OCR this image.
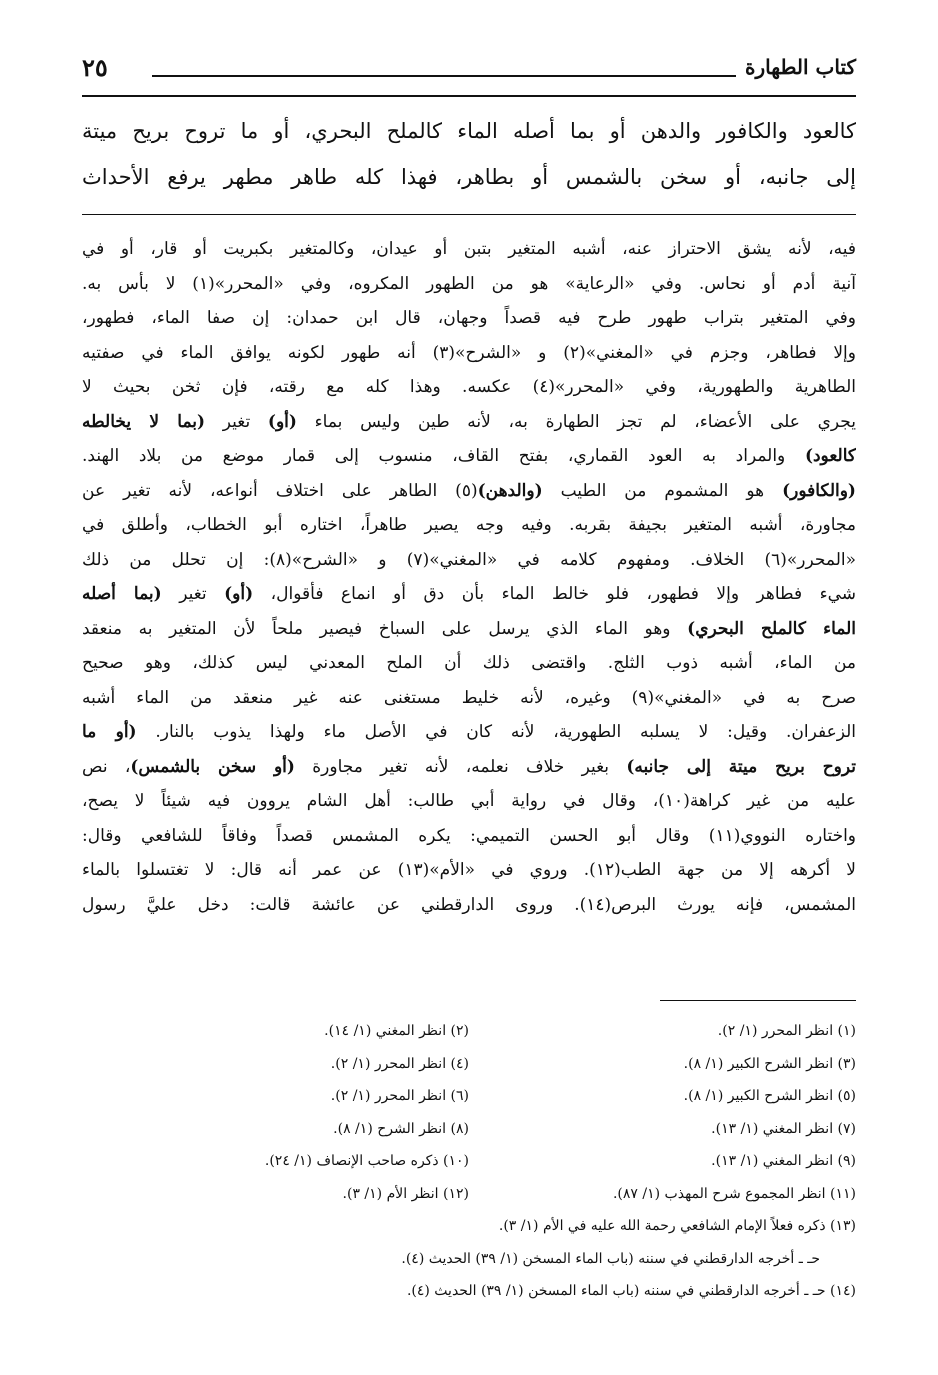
كتاب الطهارة
٢٥
كالعود والكافور والدهن أو بما أصله الماء كالملح البحري، أو ما تروح بريح ميتة
إلى جانبه، أو سخن بالشمس أو بطاهر، فهذا كله طاهر مطهر يرفع الأحداث
فيه، لأنه يشق الاحتراز عنه، أشبه المتغير بتبن أو عيدان، وكالمتغير بكبريت أو قار، أو في
آنية أدم أو نحاس. وفي «الرعاية» هو من الطهور المكروه، وفي «المحرر»(١) لا بأس به.
وفي المتغير بتراب طهور طرح فيه قصداً وجهان، قال ابن حمدان: إن صفا الماء، فطهور،
وإلا فطاهر، وجزم في «المغني»(٢) و «الشرح»(٣) أنه طهور لكونه يوافق الماء في صفتيه
الطاهرية والطهورية، وفي «المحرر»(٤) عكسه. وهذا كله مع رقته، فإن ثخن بحيث لا
يجري على الأعضاء، لم تجز الطهارة به، لأنه طين وليس بماء (أو) تغير (بما لا يخالطه
كالعود) والمراد به العود القماري، بفتح القاف، منسوب إلى قمار موضع من بلاد الهند.
(والكافور) هو المشموم من الطيب (والدهن)(٥) الطاهر على اختلاف أنواعه، لأنه تغير عن
مجاورة، أشبه المتغير بجيفة بقربه. وفيه وجه يصير طاهراً، اختاره أبو الخطاب، وأطلق في
«المحرر»(٦) الخلاف. ومفهوم كلامه في «المغني»(٧) و «الشرح»(٨): إن تحلل من ذلك
شيء فطاهر وإلا فطهور، فلو خالط الماء بأن دق أو انماع فأقوال، (أو) تغير (بما أصله
الماء كالملح البحري) وهو الماء الذي يرسل على السباخ فيصير ملحاً لأن المتغير به منعقد
من الماء، أشبه ذوب الثلج. واقتضى ذلك أن الملح المعدني ليس كذلك، وهو صحيح
صرح به في «المغني»(٩) وغيره، لأنه خليط مستغنى عنه غير منعقد من الماء أشبه
الزعفران. وقيل: لا يسلبه الطهورية، لأنه كان في الأصل ماء ولهذا يذوب بالنار. (أو ما
تروح بريح ميتة إلى جانبه) بغير خلاف نعلمه، لأنه تغير مجاورة (أو سخن بالشمس)، نص
عليه من غير كراهة(١٠)، وقال في رواية أبي طالب: أهل الشام يروون فيه شيئاً لا يصح،
واختاره النووي(١١) وقال أبو الحسن التميمي: يكره المشمس قصداً وفاقاً للشافعي وقال:
لا أكرهه إلا من جهة الطب(١٢). وروي في «الأم»(١٣) عن عمر أنه قال: لا تغتسلوا بالماء
المشمس، فإنه يورث البرص(١٤). وروى الدارقطني عن عائشة قالت: دخل عليَّ رسول
(١) انظر المحرر (١/ ٢).
(٢) انظر المغني (١/ ١٤).
(٣) انظر الشرح الكبير (١/ ٨).
(٤) انظر المحرر (١/ ٢).
(٥) انظر الشرح الكبير (١/ ٨).
(٦) انظر المحرر (١/ ٢).
(٧) انظر المغني (١/ ١٣).
(٨) انظر الشرح (١/ ٨).
(٩) انظر المغني (١/ ١٣).
(١٠) ذكره صاحب الإنصاف (١/ ٢٤).
(١١) انظر المجموع شرح المهذب (١/ ٨٧).
(١٢) انظر الأم (١/ ٣).
(١٣) ذكره فعلاً الإمام الشافعي رحمة الله عليه في الأم (١/ ٣).
حـ ـ أخرجه الدارقطني في سننه (باب الماء المسخن (١/ ٣٩) الحديث (٤).
(١٤) حـ ـ أخرجه الدارقطني في سننه (باب الماء المسخن (١/ ٣٩) الحديث (٤).
